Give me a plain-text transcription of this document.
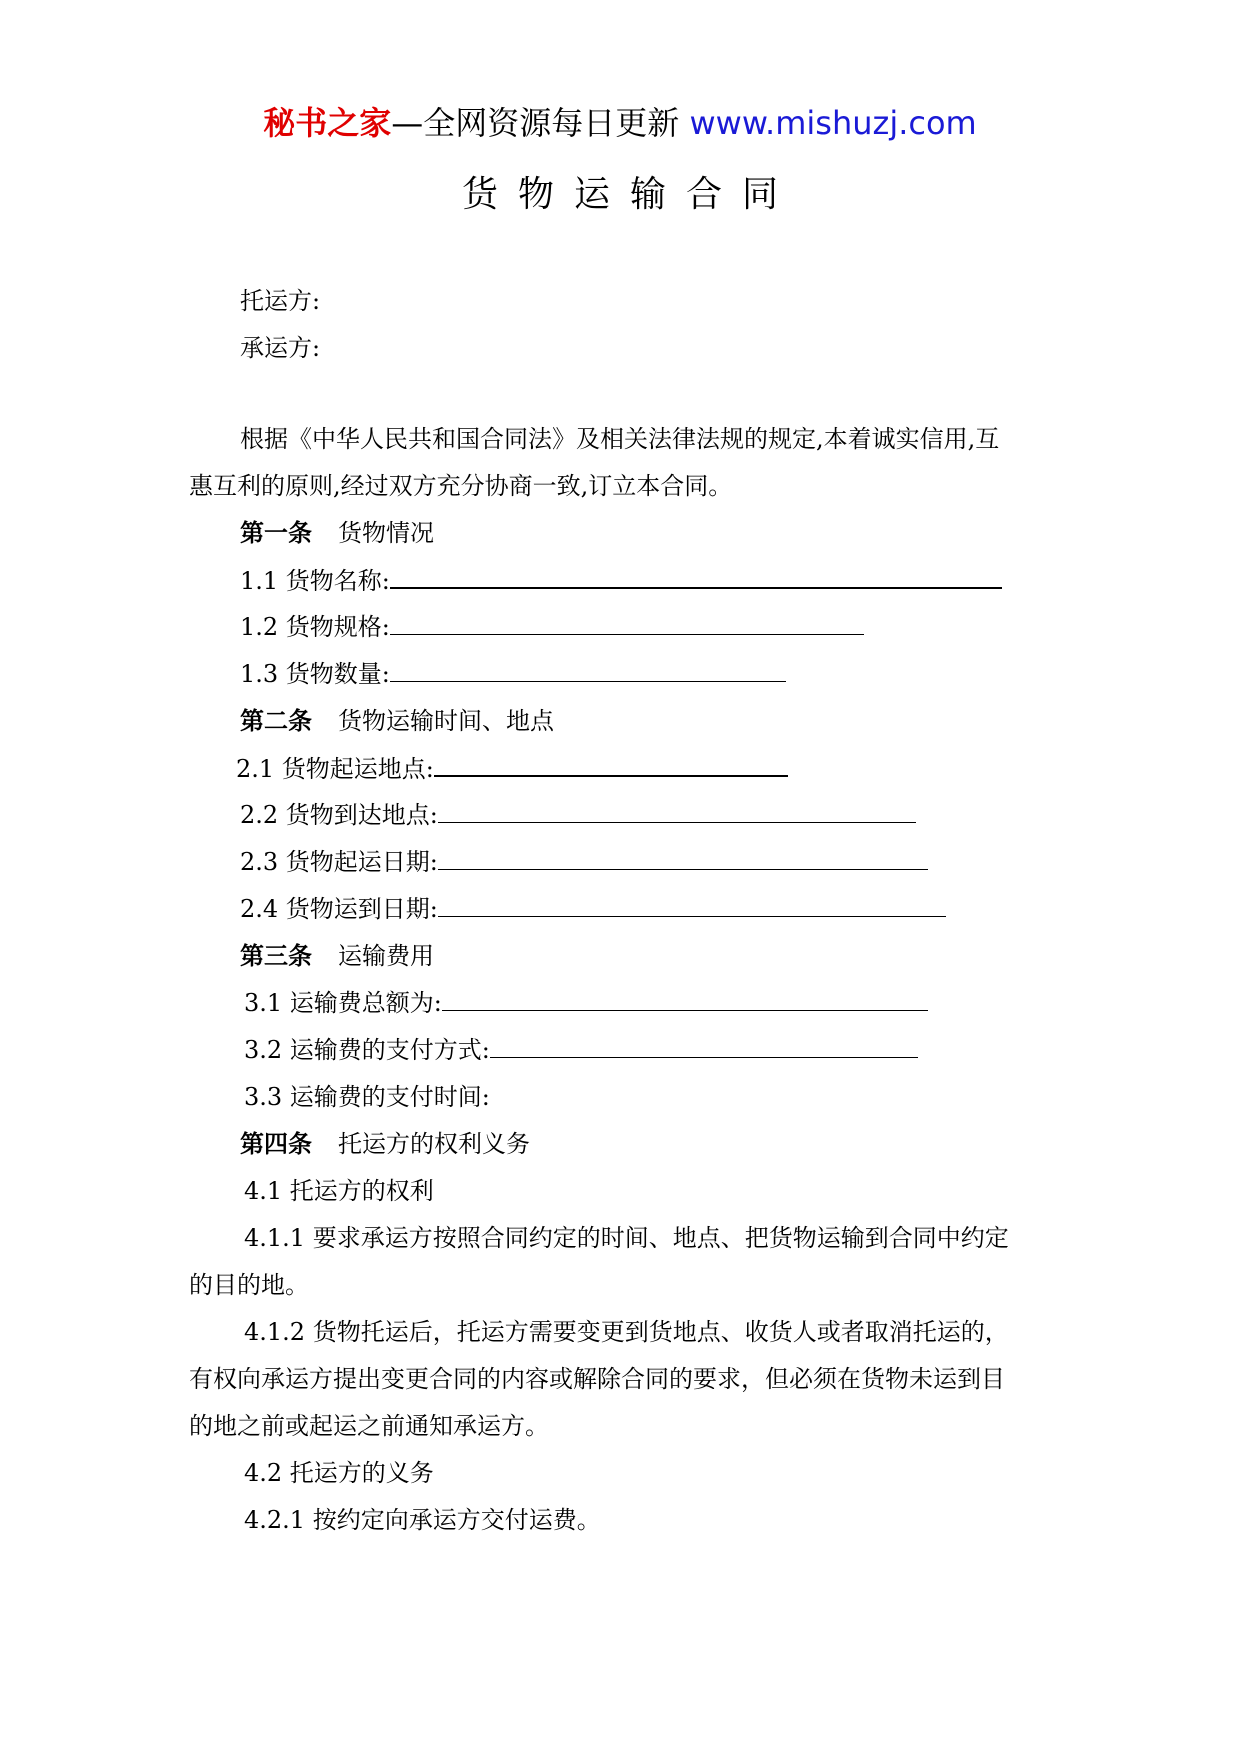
秘书之家—全网资源每日更新 www.mishuzj.com
货物运输合同
托运方:
承运方:
根据《中华人民共和国合同法》及相关法律法规的规定,本着诚实信用,互
惠互利的原则,经过双方充分协商一致,订立本合同。
第一条 货物情况
1.1 货物名称:
1.2 货物规格:
1.3 货物数量:
第二条 货物运输时间、地点
2.1 货物起运地点:
2.2 货物到达地点:
2.3 货物起运日期:
2.4 货物运到日期:
第三条 运输费用
3.1 运输费总额为:
3.2 运输费的支付方式:
3.3 运输费的支付时间:
第四条 托运方的权利义务
4.1 托运方的权利
4.1.1 要求承运方按照合同约定的时间、地点、把货物运输到合同中约定
的目的地。
4.1.2 货物托运后，托运方需要变更到货地点、收货人或者取消托运的，
有权向承运方提出变更合同的内容或解除合同的要求，但必须在货物未运到目
的地之前或起运之前通知承运方。
4.2 托运方的义务
4.2.1 按约定向承运方交付运费。
